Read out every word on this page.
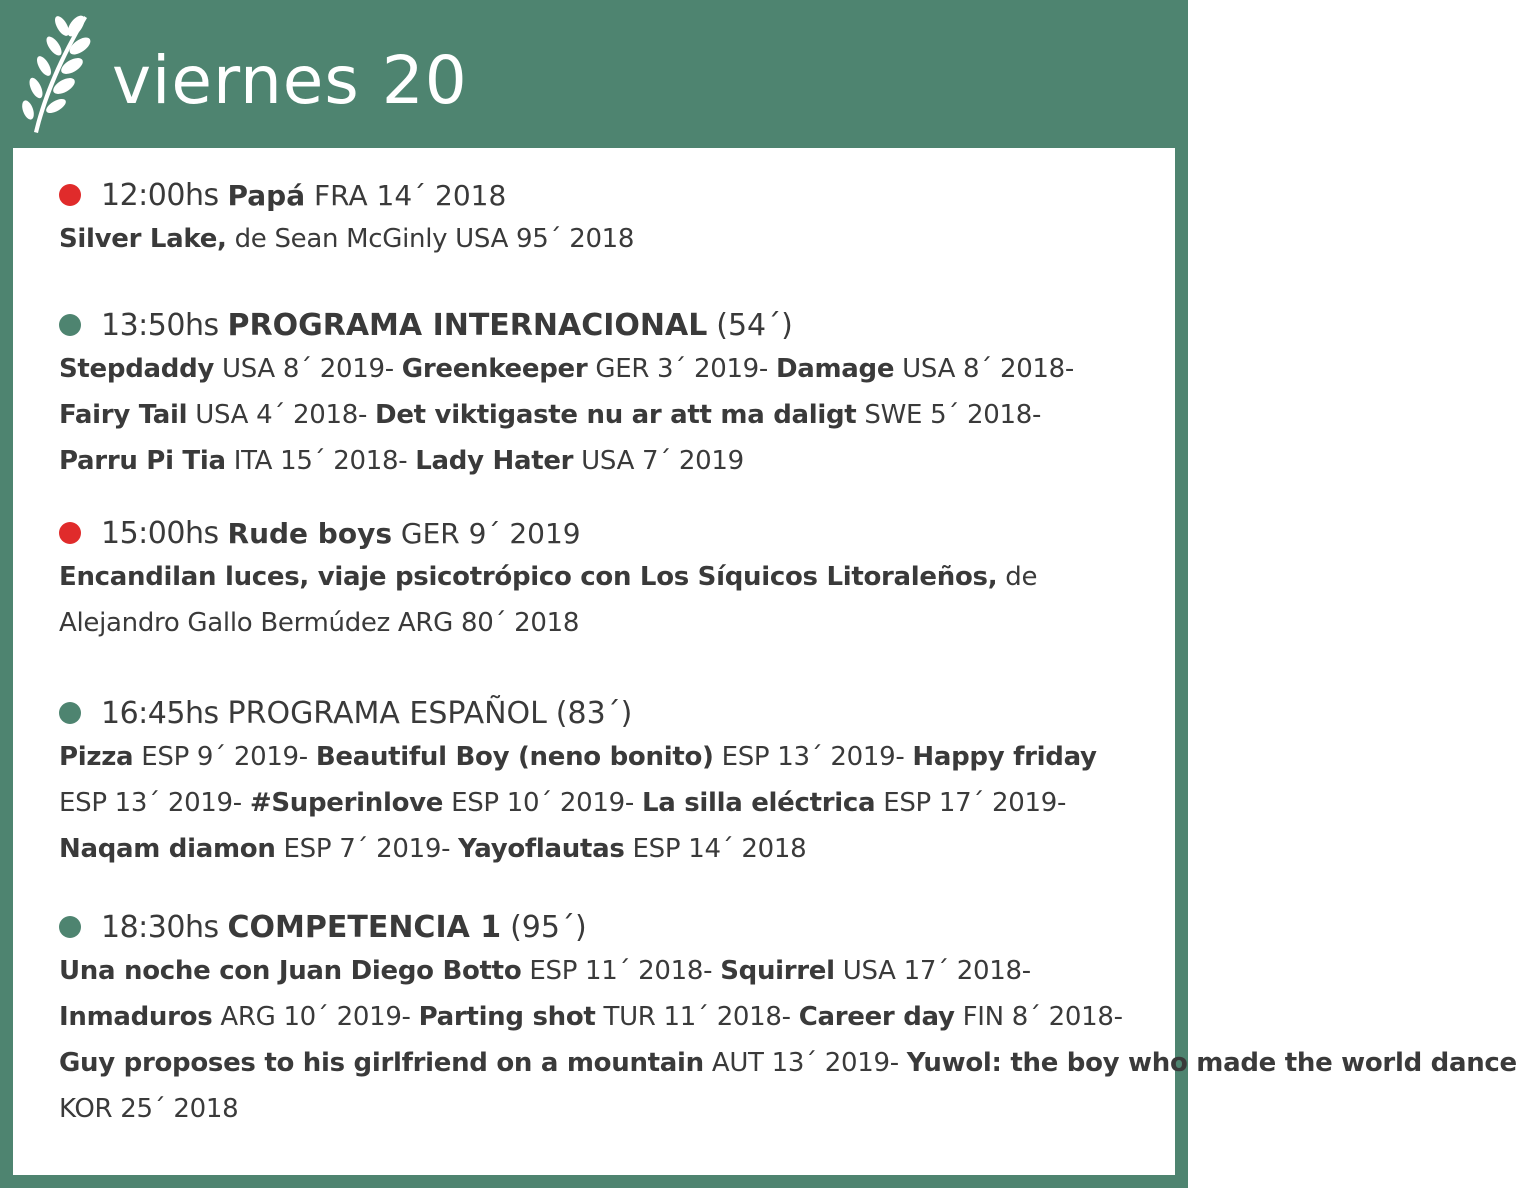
12:00hs Papá FRA 14´ 2018
Silver Lake, de Sean McGinly USA 95´ 2018
13:50hs PROGRAMA INTERNACIONAL (54´)
Stepdaddy USA 8´ 2019- Greenkeeper GER 3´ 2019- Damage USA 8´ 2018-
Fairy Tail USA 4´ 2018- Det viktigaste nu ar att ma daligt SWE 5´ 2018-
Parru Pi Tia ITA 15´ 2018- Lady Hater USA 7´ 2019
15:00hs Rude boys GER 9´ 2019
Encandilan luces, viaje psicotrópico con Los Síquicos Litoraleños, de
Alejandro Gallo Bermúdez ARG 80´ 2018
16:45hs PROGRAMA ESPAÑOL (83´)
Pizza ESP 9´ 2019- Beautiful Boy (neno bonito) ESP 13´ 2019- Happy friday
ESP 13´ 2019- #Superinlove ESP 10´ 2019- La silla eléctrica ESP 17´ 2019-
Naqam diamon ESP 7´ 2019- Yayoflautas ESP 14´ 2018
18:30hs COMPETENCIA 1 (95´)
Una noche con Juan Diego Botto ESP 11´ 2018- Squirrel USA 17´ 2018-
Inmaduros ARG 10´ 2019- Parting shot TUR 11´ 2018- Career day FIN 8´ 2018-
Guy proposes to his girlfriend on a mountain AUT 13´ 2019- Yuwol: the boy who made the world dance
KOR 25´ 2018
viernes 20	FUN
CINEMA
